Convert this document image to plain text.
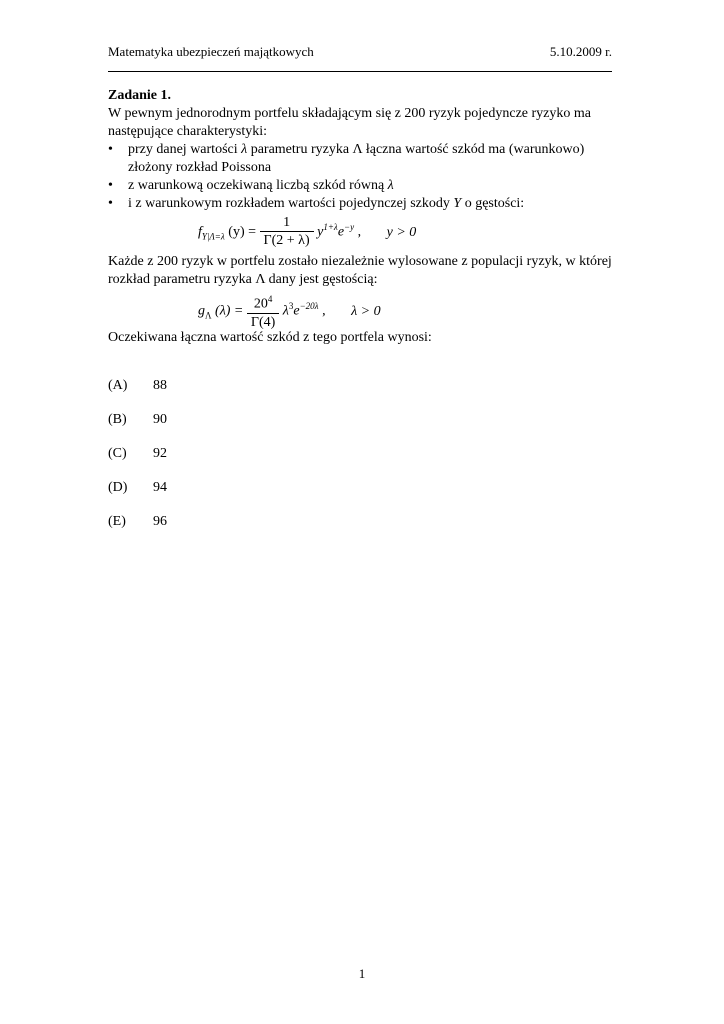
Matematyka ubezpieczeń majątkowych	5.10.2009 r.
Zadanie 1.

W pewnym jednorodnym portfelu składającym się z 200 ryzyk pojedyncze ryzyko ma następujące charakterystyki:

• przy danej wartości λ parametru ryzyka Λ łączna wartość szkód ma (warunkowo) złożony rozkład Poissona
• z warunkową oczekiwaną liczbą szkód równą λ
• i z warunkowym rozkładem wartości pojedynczej szkody Y o gęstości:
$f_{Y|\Lambda=\lambda}$ $(y) = \frac{1}{\Gamma(2 + \lambda)} y^{1+\lambda}e^{-y}$ , y > 0

Każde z 200 ryzyk w portfelu zostało niezależnie wylosowane z populacji ryzyk, w której rozkład parametru ryzyka Λ dany jest gęstością:

$g_\Lambda$ $(\lambda) = \frac{20^4}{\Gamma(4)} \lambda^3e^{-20\lambda}$ , λ > 0

Oczekiwana łączna wartość szkód z tego portfela wynosi:

(A) 88
(B) 90
(C) 92
(D) 94
(E) 96
1
